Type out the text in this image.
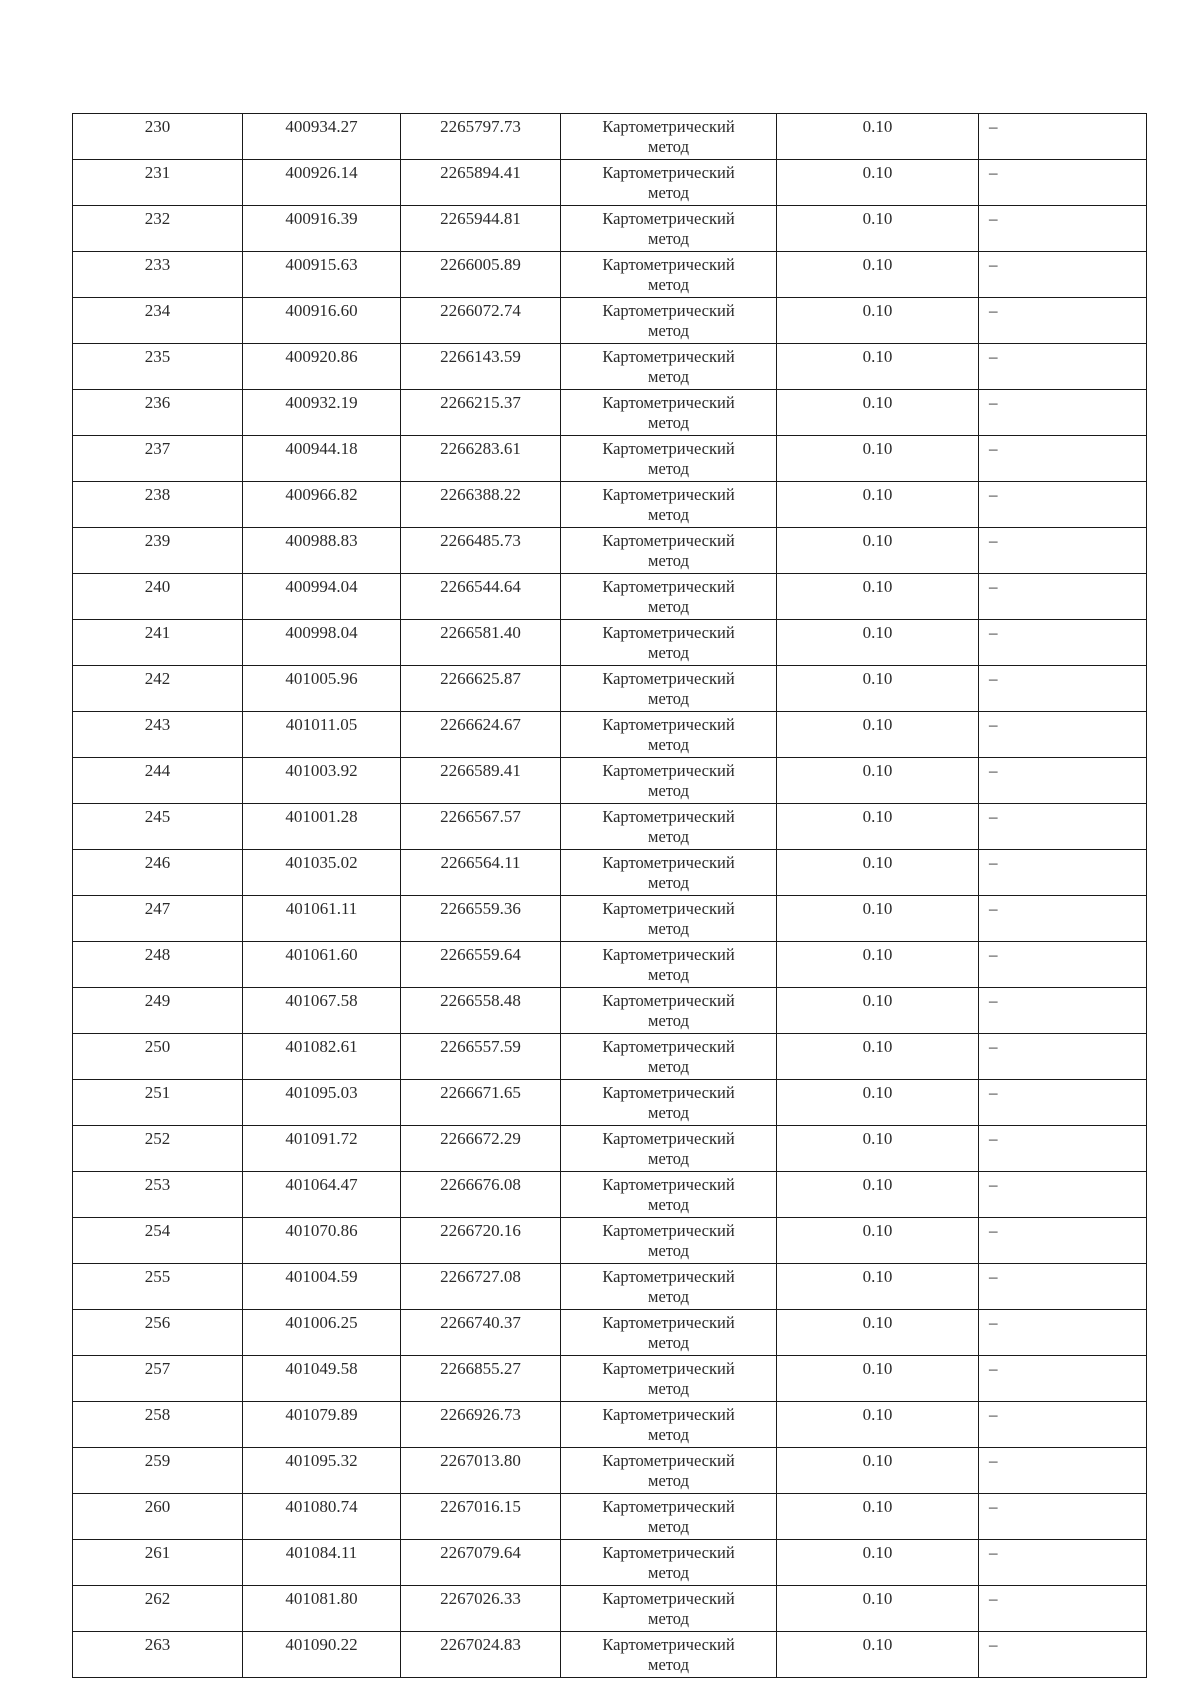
230	400934.27	2265797.73	Картометрический
метод	0.10	–
231	400926.14	2265894.41	Картометрический
метод	0.10	–
232	400916.39	2265944.81	Картометрический
метод	0.10	–
233	400915.63	2266005.89	Картометрический
метод	0.10	–
234	400916.60	2266072.74	Картометрический
метод	0.10	–
235	400920.86	2266143.59	Картометрический
метод	0.10	–
236	400932.19	2266215.37	Картометрический
метод	0.10	–
237	400944.18	2266283.61	Картометрический
метод	0.10	–
238	400966.82	2266388.22	Картометрический
метод	0.10	–
239	400988.83	2266485.73	Картометрический
метод	0.10	–
240	400994.04	2266544.64	Картометрический
метод	0.10	–
241	400998.04	2266581.40	Картометрический
метод	0.10	–
242	401005.96	2266625.87	Картометрический
метод	0.10	–
243	401011.05	2266624.67	Картометрический
метод	0.10	–
244	401003.92	2266589.41	Картометрический
метод	0.10	–
245	401001.28	2266567.57	Картометрический
метод	0.10	–
246	401035.02	2266564.11	Картометрический
метод	0.10	–
247	401061.11	2266559.36	Картометрический
метод	0.10	–
248	401061.60	2266559.64	Картометрический
метод	0.10	–
249	401067.58	2266558.48	Картометрический
метод	0.10	–
250	401082.61	2266557.59	Картометрический
метод	0.10	–
251	401095.03	2266671.65	Картометрический
метод	0.10	–
252	401091.72	2266672.29	Картометрический
метод	0.10	–
253	401064.47	2266676.08	Картометрический
метод	0.10	–
254	401070.86	2266720.16	Картометрический
метод	0.10	–
255	401004.59	2266727.08	Картометрический
метод	0.10	–
256	401006.25	2266740.37	Картометрический
метод	0.10	–
257	401049.58	2266855.27	Картометрический
метод	0.10	–
258	401079.89	2266926.73	Картометрический
метод	0.10	–
259	401095.32	2267013.80	Картометрический
метод	0.10	–
260	401080.74	2267016.15	Картометрический
метод	0.10	–
261	401084.11	2267079.64	Картометрический
метод	0.10	–
262	401081.80	2267026.33	Картометрический
метод	0.10	–
263	401090.22	2267024.83	Картометрический
метод	0.10	–
